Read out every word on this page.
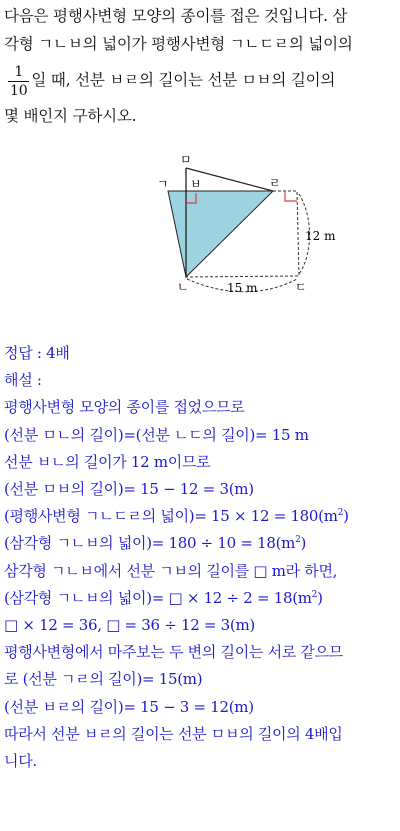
다음은 평행사변형 모양의 종이를 접은 것입니다. 삼
각형 ㄱㄴㅂ의 넓이가 평행사변형 ㄱㄴㄷㄹ의 넓이의
$\frac{1}{10}$ 일 때, 선분 ㅂㄹ의 길이는 선분 ㅁㅂ의 길이의
몇 배인지 구하시오.
ㅁ
ㄱ ㅂ	ㄹ
ㄴ	ㄷ
12 m
15 m
정답 : 4배
해설 :
평행사변형 모양의 종이를 접었으므로
(선분 ㅁㄴ의 길이)=(선분 ㄴㄷ의 길이)= 15 m
선분 ㅂㄴ의 길이가 12 m이므로
(선분 ㅁㅂ의 길이)= 15 − 12 = 3(m)
(평행사변형 ㄱㄴㄷㄹ의 넓이)= $15 \times 12 = 180(m^2)$
(삼각형 ㄱㄴㅂ의 넓이)= $180 \div 10 = 18(m^2)$
삼각형 ㄱㄴㅂ에서 선분 ㄱㅂ의 길이를 □ m라 하면,
(삼각형 ㄱㄴㅂ의 넓이)= □ × $12 \div 2 = 18(m^2)$
□ × 12 = 36, □ = 36 ÷ 12 = 3(m)
평행사변형에서 마주보는 두 변의 길이는 서로 같으므
로 (선분 ㄱㄹ의 길이)= 15(m)
(선분 ㅂㄹ의 길이)= 15 − 3 = 12(m)
따라서 선분 ㅂㄹ의 길이는 선분 ㅁㅂ의 길이의 4배입
니다.
